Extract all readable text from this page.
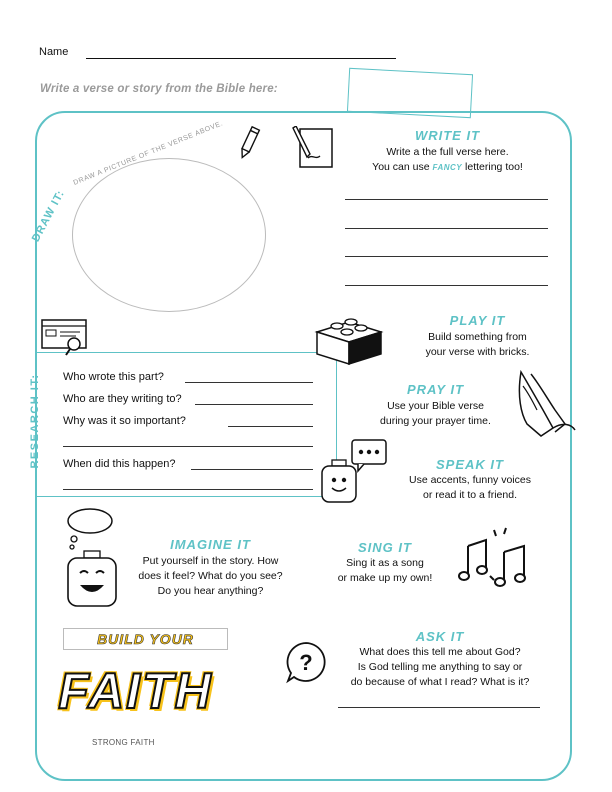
Name
Write a verse or story from the Bible here:
DRAW IT:
DRAW A PICTURE OF THE VERSE ABOVE.	WRITE IT
Write a the full verse here.
You can use FANCY lettering too!
PLAY IT
Build something from
your verse with bricks.
PRAY IT
Use your Bible verse
during your prayer time.
RESEARCH IT: Who wrote this part?
Who are they writing to?
Why was it so important?
When did this happen?	SPEAK IT
Use accents, funny voices
or read it to a friend.
IMAGINE IT
Put yourself in the story. How
does it feel? What do you see?
Do you hear anything?
SING IT
Sing it as a song
or make up my own!
?
ASK IT
What does this tell me about God?
Is God telling me anything to say or
do because of what I read? What is it?
BUILD YOUR
FAITH
STRONG FAITH
